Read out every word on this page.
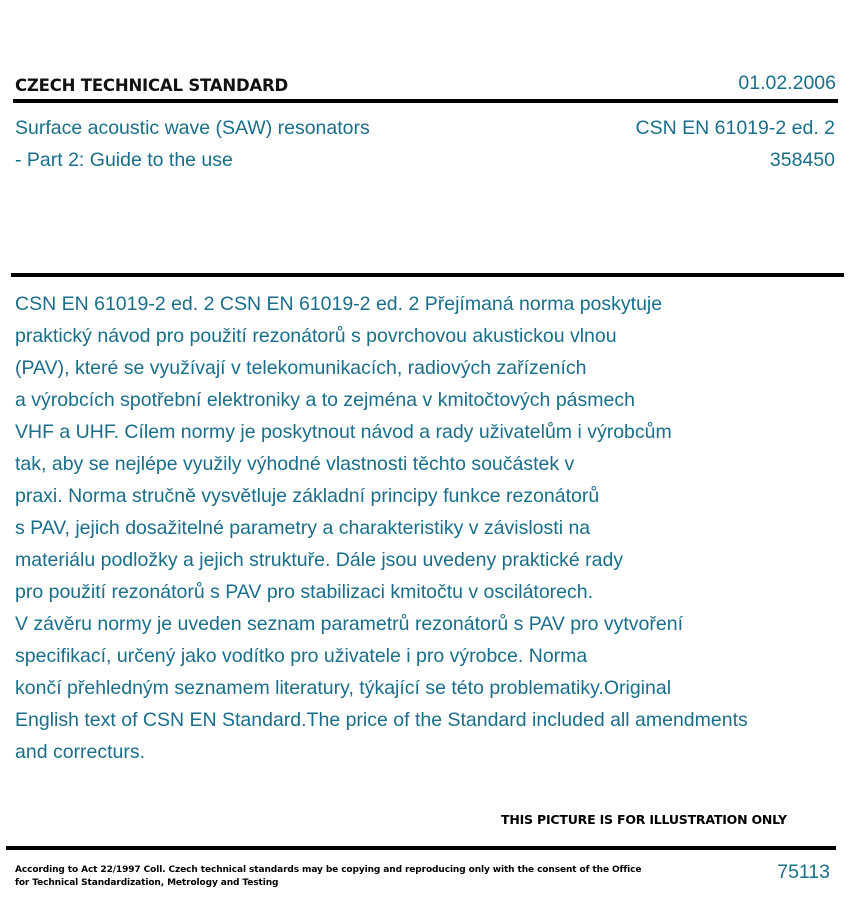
CZECH TECHNICAL STANDARD	01.02.2006
Surface acoustic wave (SAW) resonators
- Part 2: Guide to the use
CSN EN 61019-2 ed. 2
358450
CSN EN 61019-2 ed. 2 CSN EN 61019-2 ed. 2 Přejímaná norma poskytuje
praktický návod pro použití rezonátorů s povrchovou akustickou vlnou
(PAV), které se využívají v telekomunikacích, radiových zařízeních
a výrobcích spotřební elektroniky a to zejména v kmitočtových pásmech
VHF a UHF. Cílem normy je poskytnout návod a rady uživatelům i výrobcům
tak, aby se nejlépe využily výhodné vlastnosti těchto součástek v
praxi. Norma stručně vysvětluje základní principy funkce rezonátorů
s PAV, jejich dosažitelné parametry a charakteristiky v závislosti na
materiálu podložky a jejich struktuře. Dále jsou uvedeny praktické rady
pro použití rezonátorů s PAV pro stabilizaci kmitočtu v oscilátorech.
V závěru normy je uveden seznam parametrů rezonátorů s PAV pro vytvoření
specifikací, určený jako vodítko pro uživatele i pro výrobce. Norma
končí přehledným seznamem literatury, týkající se této problematiky.Original
English text of CSN EN Standard.The price of the Standard included all amendments
and correcturs.
THIS PICTURE IS FOR ILLUSTRATION ONLY
According to Act 22/1997 Coll. Czech technical standards may be copying and reproducing only with the consent of the Office
for Technical Standardization, Metrology and Testing	75113
